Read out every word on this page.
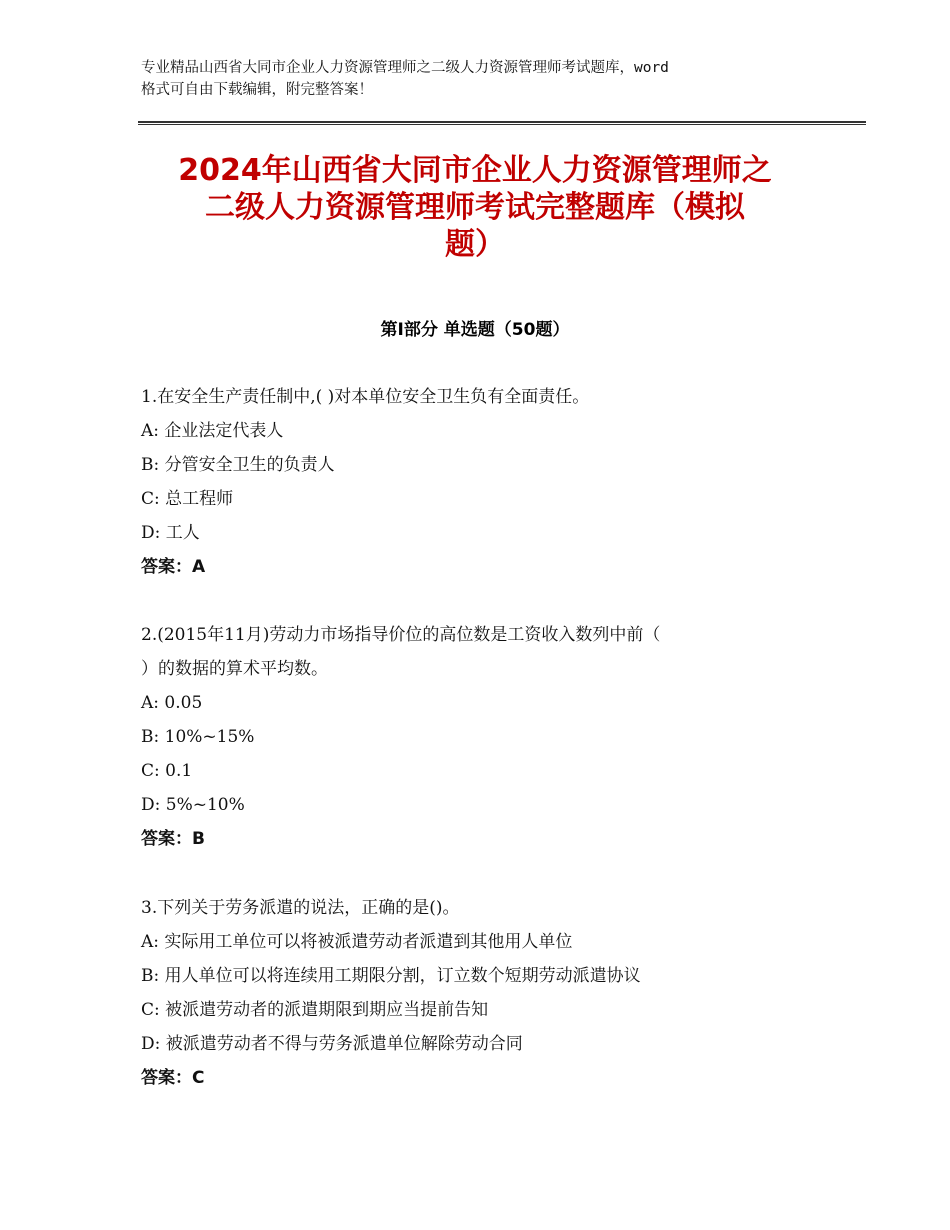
专业精品山西省大同市企业人力资源管理师之二级人力资源管理师考试题库，word
格式可自由下载编辑，附完整答案！
2024年山西省大同市企业人力资源管理师之
二级人力资源管理师考试完整题库（模拟
题）
第Ⅰ部分 单选题（50题）
1.在安全生产责任制中,( )对本单位安全卫生负有全面责任。
A: 企业法定代表人
B: 分管安全卫生的负责人
C: 总工程师
D: 工人
答案：A
2.(2015年11月)劳动力市场指导价位的高位数是工资收入数列中前（
）的数据的算术平均数。
A: 0.05
B: 10%~15%
C: 0.1
D: 5%~10%
答案：B
3.下列关于劳务派遣的说法，正确的是()。
A: 实际用工单位可以将被派遣劳动者派遣到其他用人单位
B: 用人单位可以将连续用工期限分割，订立数个短期劳动派遣协议
C: 被派遣劳动者的派遣期限到期应当提前告知
D: 被派遣劳动者不得与劳务派遣单位解除劳动合同
答案：C
